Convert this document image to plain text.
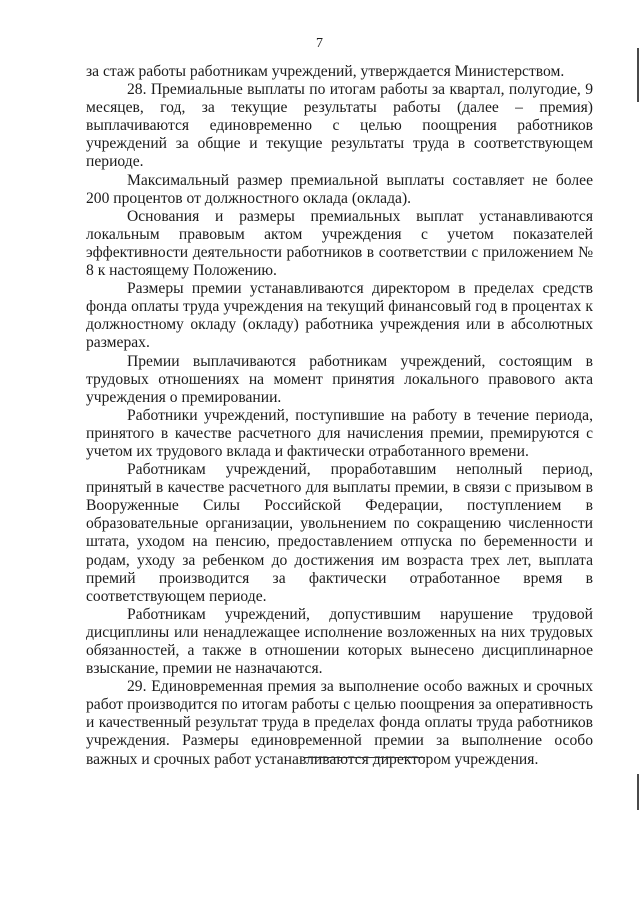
7

за стаж работы работникам учреждений, утверждается Министерством.

28. Премиальные выплаты по итогам работы за квартал, полугодие, 9 месяцев, год, за текущие результаты работы (далее – премия) выплачиваются единовременно с целью поощрения работников учреждений за общие и текущие результаты труда в соответствующем периоде.

Максимальный размер премиальной выплаты составляет не более 200 процентов от должностного оклада (оклада).

Основания и размеры премиальных выплат устанавливаются локальным правовым актом учреждения с учетом показателей эффективности деятельности работников в соответствии с приложением № 8 к настоящему Положению.

Размеры премии устанавливаются директором в пределах средств фонда оплаты труда учреждения на текущий финансовый год в процентах к должностному окладу (окладу) работника учреждения или в абсолютных размерах.

Премии выплачиваются работникам учреждений, состоящим в трудовых отношениях на момент принятия локального правового акта учреждения о премировании.

Работники учреждений, поступившие на работу в течение периода, принятого в качестве расчетного для начисления премии, премируются с учетом их трудового вклада и фактически отработанного времени.

Работникам учреждений, проработавшим неполный период, принятый в качестве расчетного для выплаты премии, в связи с призывом в Вооруженные Силы Российской Федерации, поступлением в образовательные организации, увольнением по сокращению численности штата, уходом на пенсию, предоставлением отпуска по беременности и родам, уходу за ребенком до достижения им возраста трех лет, выплата премий производится за фактически отработанное время в соответствующем периоде.

Работникам учреждений, допустившим нарушение трудовой дисциплины или ненадлежащее исполнение возложенных на них трудовых обязанностей, а также в отношении которых вынесено дисциплинарное взыскание, премии не назначаются.

29. Единовременная премия за выполнение особо важных и срочных работ производится по итогам работы с целью поощрения за оперативность и качественный результат труда в пределах фонда оплаты труда работников учреждения. Размеры единовременной премии за выполнение особо важных и срочных работ устанавливаются директором учреждения.
